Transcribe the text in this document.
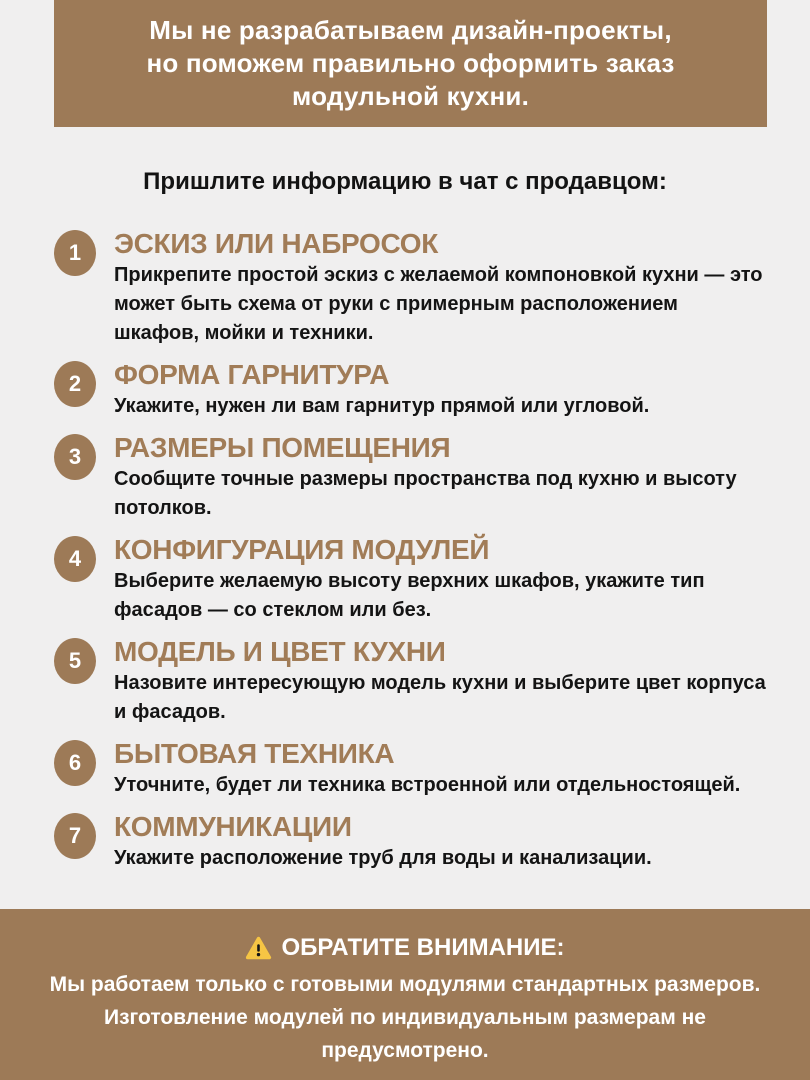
Мы не разрабатываем дизайн-проекты,
но поможем правильно оформить заказ
модульной кухни.
Пришлите информацию в чат с продавцом:
1	ЭСКИЗ ИЛИ НАБРОСОК

Прикрепите простой эскиз с желаемой компоновкой кухни — это может быть схема от руки с примерным расположением шкафов, мойки и техники.

2	ФОРМА ГАРНИТУРА

Укажите, нужен ли вам гарнитур прямой или угловой.

3	РАЗМЕРЫ ПОМЕЩЕНИЯ

Сообщите точные размеры пространства под кухню и высоту потолков.

4	КОНФИГУРАЦИЯ МОДУЛЕЙ

Выберите желаемую высоту верхних шкафов, укажите тип фасадов — со стеклом или без.

5	МОДЕЛЬ И ЦВЕТ КУХНИ

Назовите интересующую модель кухни и выберите цвет корпуса и фасадов.

6	БЫТОВАЯ ТЕХНИКА

Уточните, будет ли техника встроенной или отдельностоящей.

7	КОММУНИКАЦИИ

Укажите расположение труб для воды и канализации.

ОБРАТИТЕ ВНИМАНИЕ:
Мы работаем только с готовыми модулями стандартных размеров.
Изготовление модулей по индивидуальным размерам не предусмотрено.
